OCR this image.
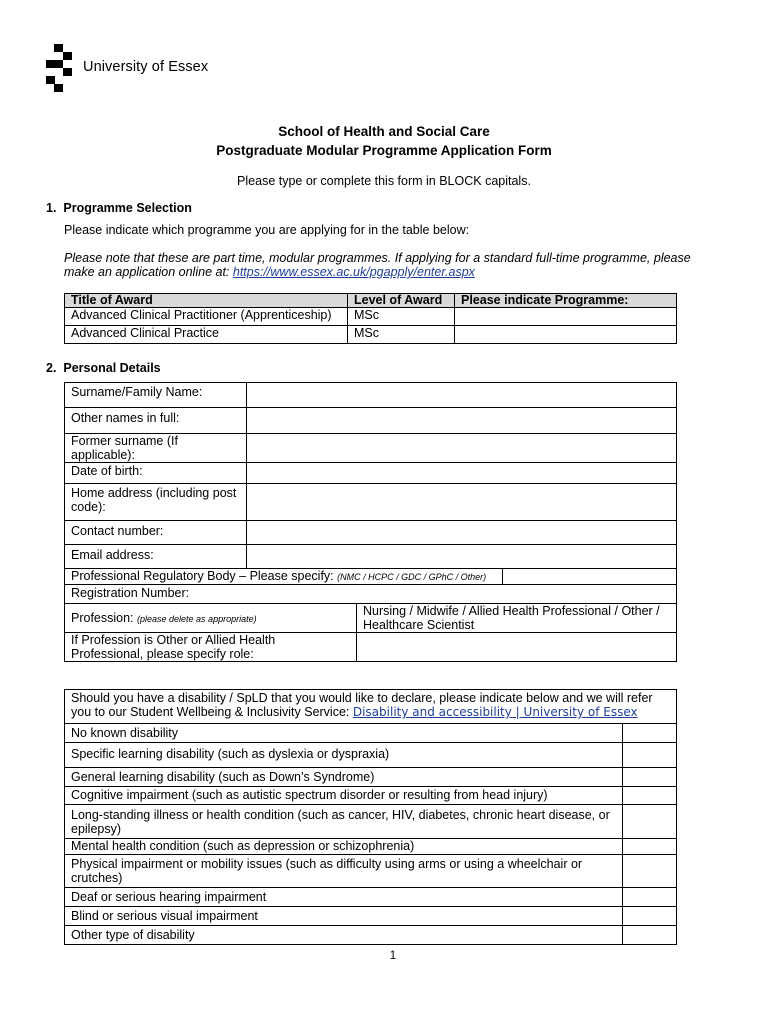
University of Essex
School of Health and Social Care
Postgraduate Modular Programme Application Form
Please type or complete this form in BLOCK capitals.
1.  Programme Selection
Please indicate which programme you are applying for in the table below:
Please note that these are part time, modular programmes. If applying for a standard full-time programme, please make an application online at: https://www.essex.ac.uk/pgapply/enter.aspx
Title of Award	Level of Award	Please indicate Programme:
Advanced Clinical Practitioner (Apprenticeship)	MSc	
Advanced Clinical Practice	MSc	
2.  Personal Details
Surname/Family Name:			
Other names in full:			
Former surname (If applicable):			
Date of birth:			
Home address (including post code):			
Contact number:			
Email address:			
Professional Regulatory Body – Please specify: (NMC / HCPC / GDC / GPhC / Other)			
Registration Number:			
Profession: (please delete as appropriate)		Nursing / Midwife / Allied Health Professional / Other / Healthcare Scientist	
If Profession is Other or Allied Health Professional, please specify role:			

Should you have a disability / SpLD that you would like to declare, please indicate below and we will refer you to our Student Wellbeing & Inclusivity Service: Disability and accessibility | University of Essex	
No known disability	
Specific learning disability (such as dyslexia or dyspraxia)	
General learning disability (such as Down’s Syndrome)	
Cognitive impairment (such as autistic spectrum disorder or resulting from head injury)	
Long-standing illness or health condition (such as cancer, HIV, diabetes, chronic heart disease, or epilepsy)	
Mental health condition (such as depression or schizophrenia)	
Physical impairment or mobility issues (such as difficulty using arms or using a wheelchair or crutches)	
Deaf or serious hearing impairment	
Blind or serious visual impairment	
Other type of disability	
1
